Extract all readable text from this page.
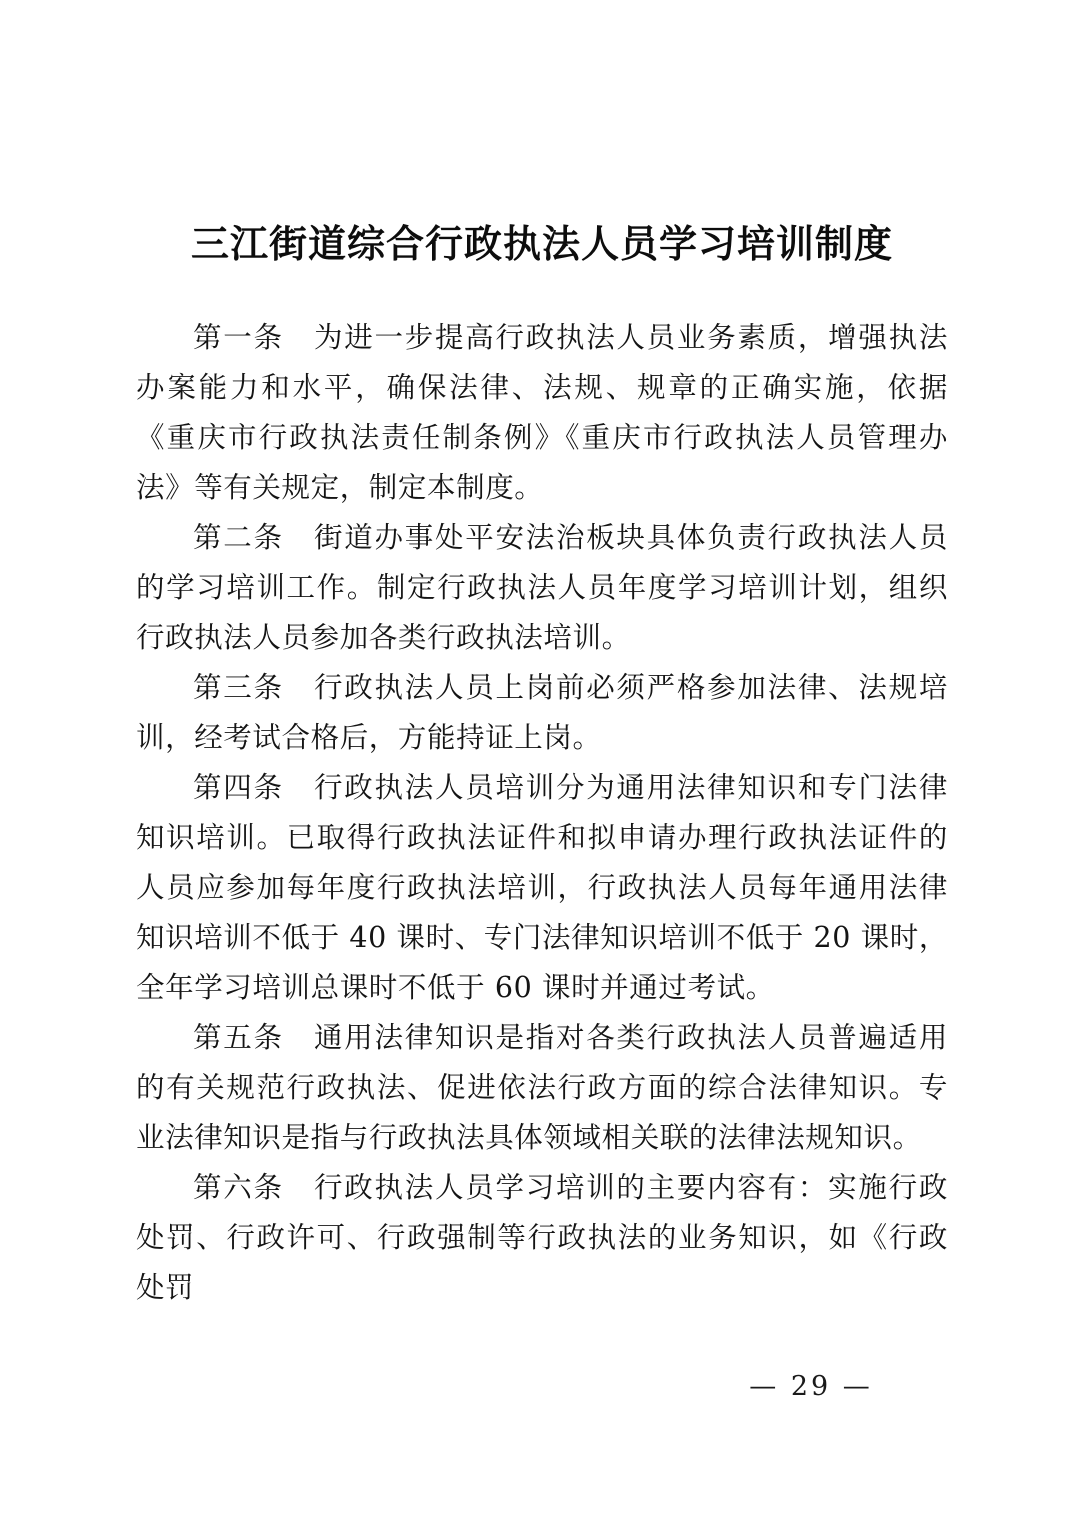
三江街道综合行政执法人员学习培训制度

第一条　为进一步提高行政执法人员业务素质，增强执法办案能力和水平，确保法律、法规、规章的正确实施，依据《重庆市行政执法责任制条例》《重庆市行政执法人员管理办法》等有关规定，制定本制度。

第二条　街道办事处平安法治板块具体负责行政执法人员的学习培训工作。制定行政执法人员年度学习培训计划，组织行政执法人员参加各类行政执法培训。

第三条　行政执法人员上岗前必须严格参加法律、法规培训，经考试合格后，方能持证上岗。

第四条　行政执法人员培训分为通用法律知识和专门法律知识培训。已取得行政执法证件和拟申请办理行政执法证件的人员应参加每年度行政执法培训，行政执法人员每年通用法律知识培训不低于 40 课时、专门法律知识培训不低于 20 课时，全年学习培训总课时不低于 60 课时并通过考试。

第五条　通用法律知识是指对各类行政执法人员普遍适用的有关规范行政执法、促进依法行政方面的综合法律知识。专业法律知识是指与行政执法具体领域相关联的法律法规知识。

第六条　行政执法人员学习培训的主要内容有：实施行政处罚、行政许可、行政强制等行政执法的业务知识，如《行政处罚

— 29 —
